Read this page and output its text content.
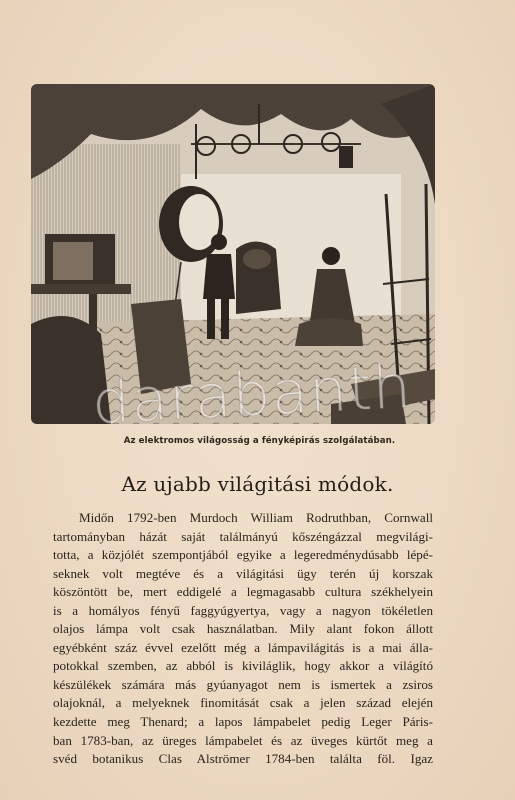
darabanth
Az elektromos világosság a fényképirás szolgálatában.
Az ujabb világitási módok.
Midőn 1792-ben Murdoch William Rodruthban, Cornwall
tartományban házát saját találmányú kőszéngázzal megvilági-
totta, a közjólét szempontjából egyike a legeredménydúsabb lépé-
seknek volt megtéve és a világitási ügy terén új korszak
köszöntött be, mert eddigelé a legmagasabb cultura székhelyein
is a homályos fényű faggyúgyertya, vagy a nagyon tökéletlen
olajos lámpa volt csak használatban. Mily alant fokon állott
egyébként száz évvel ezelőtt még a lámpavilágitás is a mai álla-
potokkal szemben, az abból is kiviláglik, hogy akkor a világító
készülékek számára más gyúanyagot nem is ismertek a zsiros
olajoknál, a melyeknek finomitását csak a jelen század elején
kezdette meg Thenard; a lapos lámpabelet pedig Leger Páris-
ban 1783-ban, az üreges lámpabelet és az üveges kürtőt meg a
svéd botanikus Clas Alströmer 1784-ben találta föl. Igaz
